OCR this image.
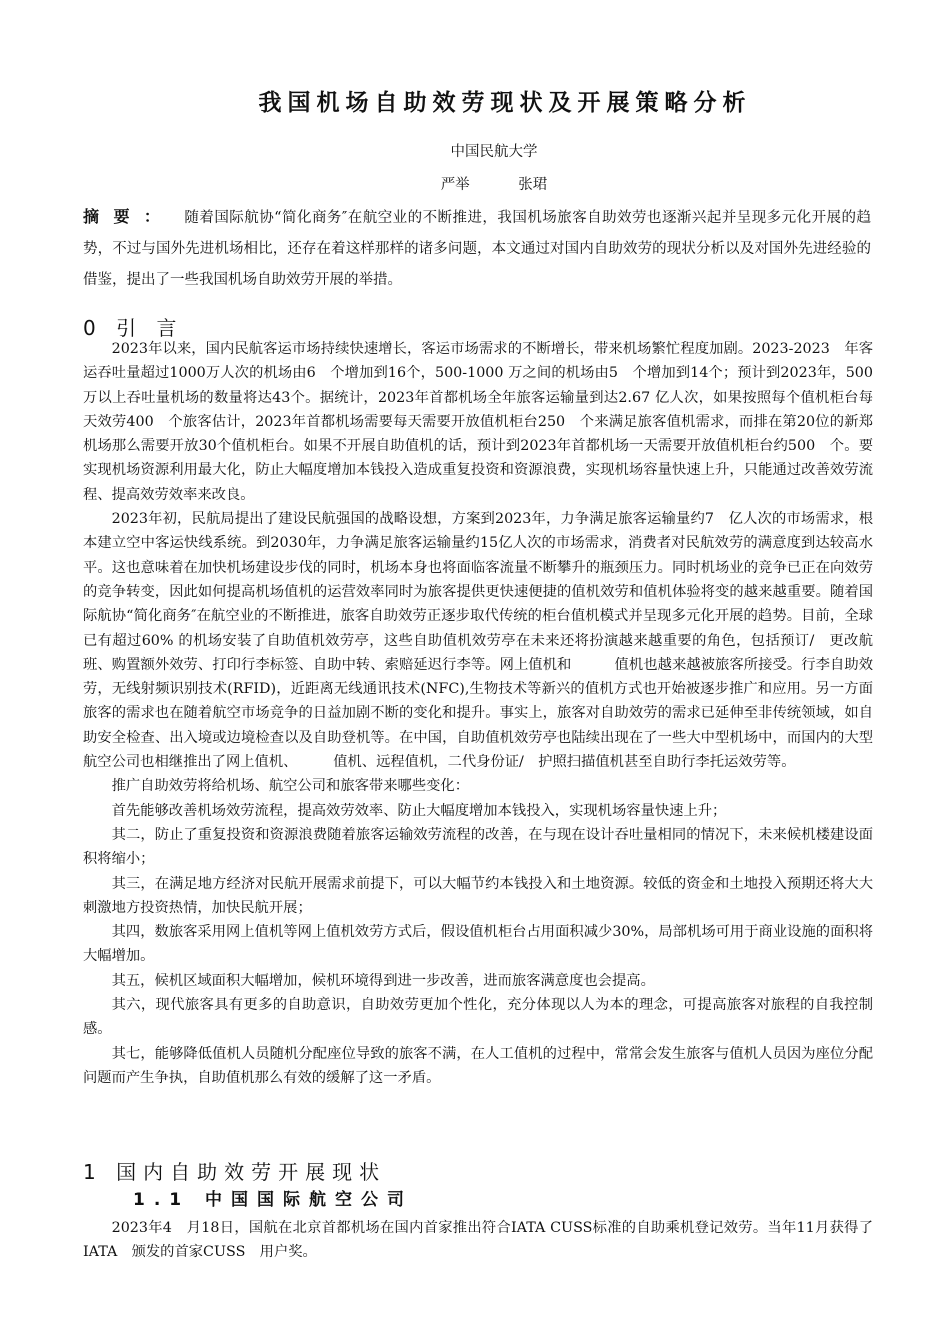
我国机场自助效劳现状及开展策略分析
中国民航大学
严举	张珺

摘要： 随着国际航协“简化商务″在航空业的不断推进，我国机场旅客自助效劳也逐渐兴起并呈现多元化开展的趋势，不过与国外先进机场相比，还存在着这样那样的诸多问题，本文通过对国内自助效劳的现状分析以及对国外先进经验的借鉴，提出了一些我国机场自助效劳开展的举措。

0 引 言

2023年以来，国内民航客运市场持续快速增长，客运市场需求的不断增长，带来机场繁忙程度加剧。2023-2023　年客运吞吐量超过1000万人次的机场由6　个增加到16个，500-1000 万之间的机场由5　个增加到14个；预计到2023年，500　万以上吞吐量机场的数量将达43个。据统计，2023年首都机场全年旅客运输量到达2.67 亿人次，如果按照每个值机柜台每天效劳400　个旅客估计，2023年首都机场需要每天需要开放值机柜台250　个来满足旅客值机需求，而排在第20位的新郑机场那么需要开放30个值机柜台。如果不开展自助值机的话，预计到2023年首都机场一天需要开放值机柜台约500　个。要实现机场资源利用最大化，防止大幅度增加本钱投入造成重复投资和资源浪费，实现机场容量快速上升，只能通过改善效劳流程、提高效劳效率来改良。

2023年初，民航局提出了建设民航强国的战略设想，方案到2023年，力争满足旅客运输量约7　亿人次的市场需求，根本建立空中客运快线系统。到2030年，力争满足旅客运输量约15亿人次的市场需求，消费者对民航效劳的满意度到达较高水平。这也意味着在加快机场建设步伐的同时，机场本身也将面临客流量不断攀升的瓶颈压力。同时机场业的竞争已正在向效劳的竞争转变，因此如何提高机场值机的运营效率同时为旅客提供更快速便捷的值机效劳和值机体验将变的越来越重要。随着国际航协“简化商务″在航空业的不断推进，旅客自助效劳正逐步取代传统的柜台值机模式并呈现多元化开展的趋势。目前，全球已有超过60% 的机场安装了自助值机效劳亭，这些自助值机效劳亭在未来还将扮演越来越重要的角色，包括预订/　更改航班、购置额外效劳、打印行李标签、自助中转、索赔延迟行李等。网上值机和　　　值机也越来越被旅客所接受。行李自助效劳，无线射频识别技术(RFID)，近距离无线通讯技术(NFC),生物技术等新兴的值机方式也开始被逐步推广和应用。另一方面旅客的需求也在随着航空市场竞争的日益加剧不断的变化和提升。事实上，旅客对自助效劳的需求已延伸至非传统领域，如自助安全检查、出入境或边境检查以及自助登机等。在中国，自助值机效劳亭也陆续出现在了一些大中型机场中，而国内的大型航空公司也相继推出了网上值机、　　　值机、远程值机，二代身份证/　护照扫描值机甚至自助行李托运效劳等。

推广自助效劳将给机场、航空公司和旅客带来哪些变化：

首先能够改善机场效劳流程，提高效劳效率、防止大幅度增加本钱投入，实现机场容量快速上升；

其二，防止了重复投资和资源浪费随着旅客运输效劳流程的改善，在与现在设计吞吐量相同的情况下，未来候机楼建设面积将缩小；

其三，在满足地方经济对民航开展需求前提下，可以大幅节约本钱投入和土地资源。较低的资金和土地投入预期还将大大刺激地方投资热情，加快民航开展；

其四，数旅客采用网上值机等网上值机效劳方式后，假设值机柜台占用面积减少30%，局部机场可用于商业设施的面积将大幅增加。

其五，候机区域面积大幅增加，候机环境得到进一步改善，进而旅客满意度也会提高。

其六，现代旅客具有更多的自助意识，自助效劳更加个性化，充分体现以人为本的理念，可提高旅客对旅程的自我控制感。

其七，能够降低值机人员随机分配座位导致的旅客不满，在人工值机的过程中，常常会发生旅客与值机人员因为座位分配问题而产生争执，自助值机那么有效的缓解了这一矛盾。

1 国内自助效劳开展现状
1.1 中国国际航空公司

2023年4　月18日，国航在北京首都机场在国内首家推出符合IATA CUSS标准的自助乘机登记效劳。当年11月获得了IATA　颁发的首家CUSS　用户奖。
